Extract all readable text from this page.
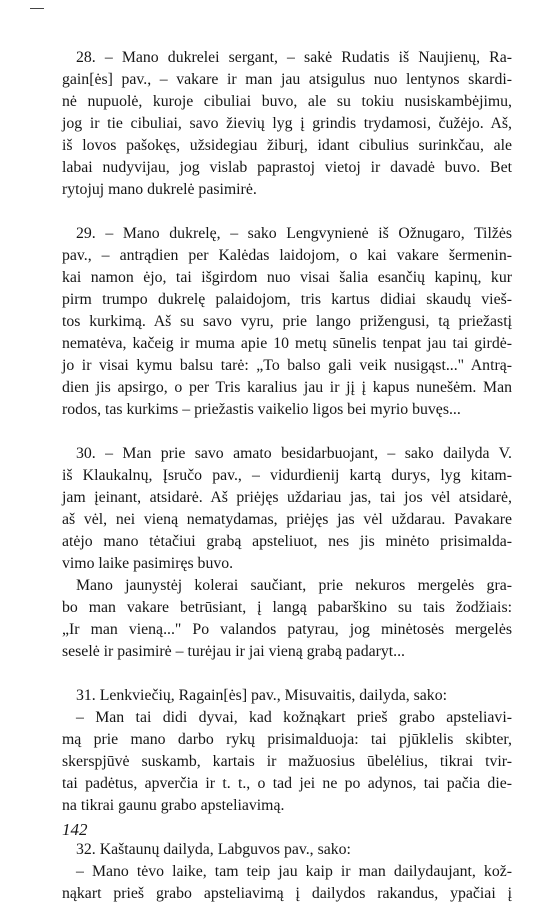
28. – Mano dukrelei sergant, – sakė Rudatis iš Naujienų, Ra-
gain[ės] pav., – vakare ir man jau atsigulus nuo lentynos skardi-
nė nupuolė, kuroje cibuliai buvo, ale su tokiu nusiskambėjimu,
jog ir tie cibuliai, savo žievių lyg į grindis trydamosi, čužėjo. Aš,
iš lovos pašokęs, užsidegiau žiburį, idant cibulius surinkčau, ale
labai nudyvijau, jog vislab paprastoj vietoj ir davadė buvo. Bet
rytojuj mano dukrelė pasimirė.

29. – Mano dukrelę, – sako Lengvynienė iš Ožnugaro, Tilžės
pav., – antrądien per Kalėdas laidojom, o kai vakare šermenin-
kai namon ėjo, tai išgirdom nuo visai šalia esančių kapinų, kur
pirm trumpo dukrelę palaidojom, tris kartus didiai skaudų vieš-
tos kurkimą. Aš su savo vyru, prie lango prižengusi, tą priežastį
nematėva, kačeig ir muma apie 10 metų sūnelis tenpat jau tai girdė-
jo ir visai kymu balsu tarė: „To balso gali veik nusigąst..." Antrą-
dien jis apsirgo, o per Tris karalius jau ir jį į kapus nunešėm. Man
rodos, tas kurkims – priežastis vaikelio ligos bei myrio buvęs...

30. – Man prie savo amato besidarbuojant, – sako dailyda V.
iš Klaukalnų, Įsručo pav., – vidurdienij kartą durys, lyg kitam-
jam įeinant, atsidarė. Aš priėjęs uždariau jas, tai jos vėl atsidarė,
aš vėl, nei vieną nematydamas, priėjęs jas vėl uždarau. Pavakare
atėjo mano tėtačiui grabą apsteliuot, nes jis minėto prisimalda-
vimo laike pasimiręs buvo.

Mano jaunystėj kolerai saučiant, prie nekuros mergelės gra-
bo man vakare betrūsiant, į langą pabarškino su tais žodžiais:
„Ir man vieną..." Po valandos patyrau, jog minėtosės mergelės
seselė ir pasimirė – turėjau ir jai vieną grabą padaryt...

31. Lenkviečių, Ragain[ės] pav., Misuvaitis, dailyda, sako:
– Man tai didi dyvai, kad kožnąkart prieš grabo apsteliavi-
mą prie mano darbo rykų prisimalduoja: tai pjūklelis skibter,
skerspjūvė suskamb, kartais ir mažuosius ūbelėlius, tikrai tvir-
tai padėtus, apverčia ir t. t., o tad jei ne po adynos, tai pačia die-
na tikrai gaunu grabo apsteliavimą.

32. Kaštaunų dailyda, Labguvos pav., sako:
– Mano tėvo laike, tam teip jau kaip ir man dailydaujant, kož-
nąkart prieš grabo apsteliavimą į dailydos rakandus, ypačiai į

142
